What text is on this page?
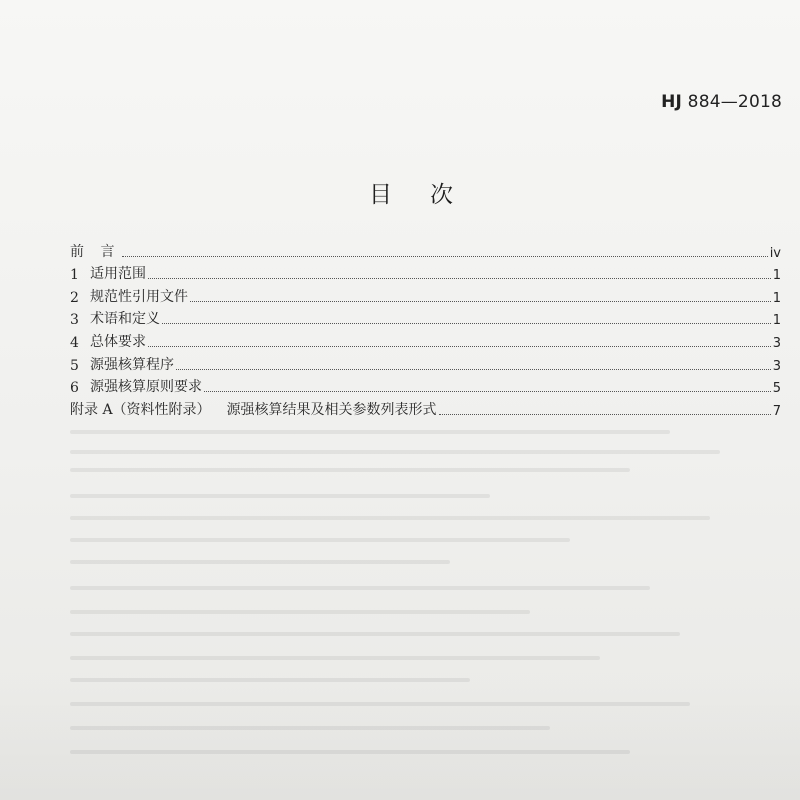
HJ 884—2018
目次
前 言	iv
1 适用范围	1
2 规范性引用文件	1
3 术语和定义	1
4 总体要求	3
5 源强核算程序	3
6 源强核算原则要求	5
附录 A（资料性附录） 源强核算结果及相关参数列表形式	7
